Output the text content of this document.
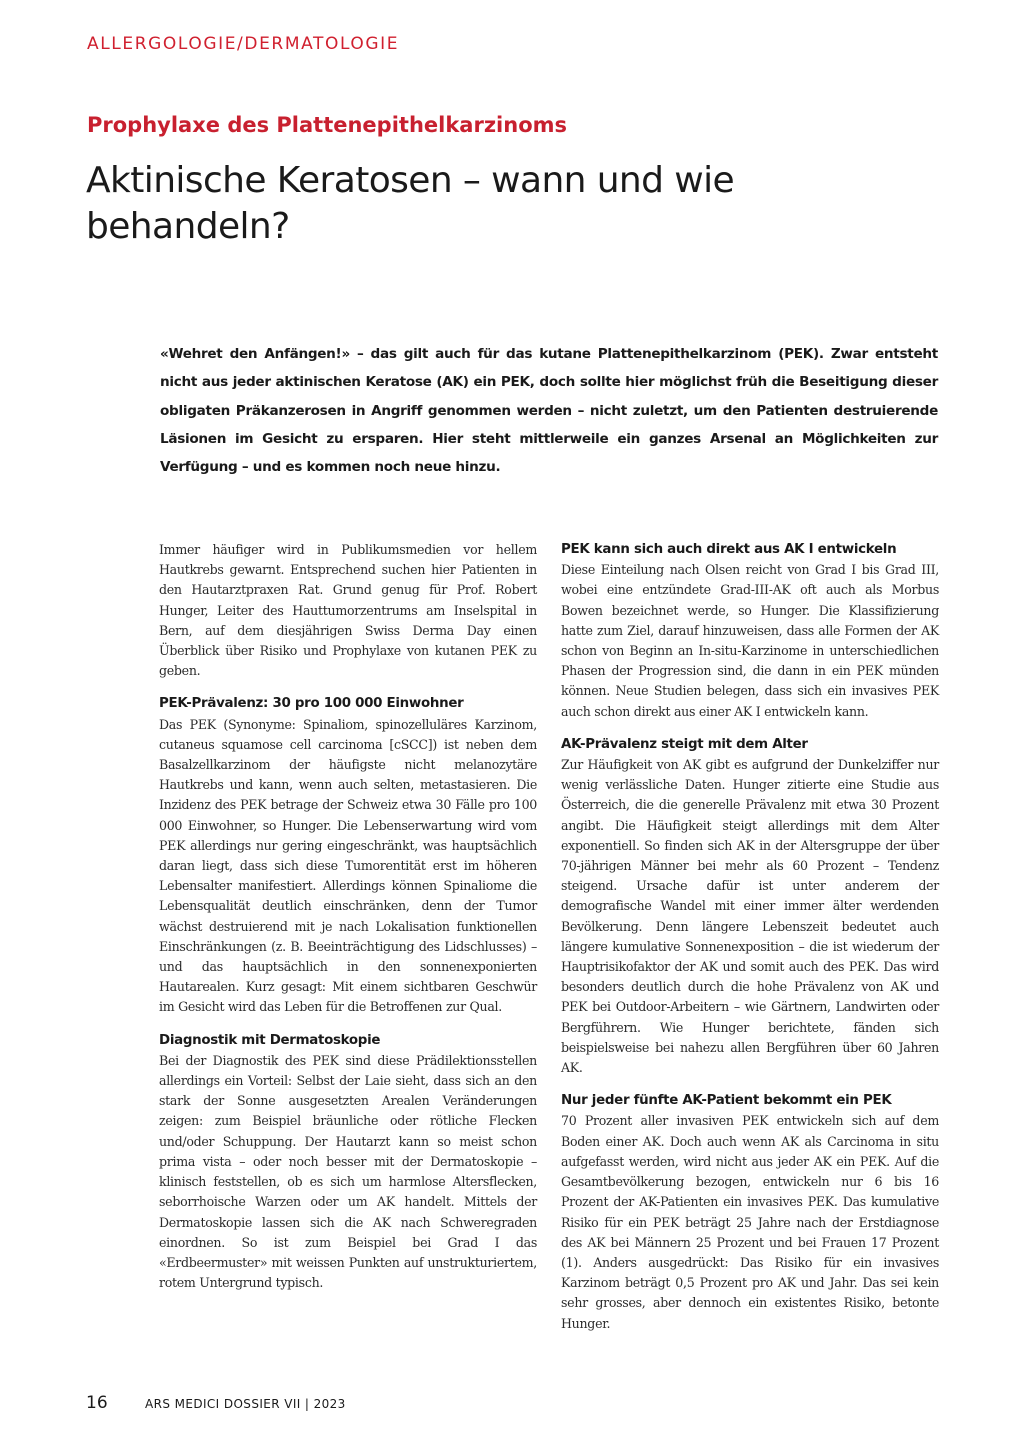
ALLERGOLOGIE/DERMATOLOGIE
Prophylaxe des Plattenepithelkarzinoms
Aktinische Keratosen – wann und wie behandeln?

«Wehret den Anfängen!» – das gilt auch für das kutane Plattenepithelkarzinom (PEK). Zwar entsteht nicht aus jeder aktinischen Keratose (AK) ein PEK, doch sollte hier möglichst früh die Beseitigung dieser obligaten Präkanzerosen in Angriff genommen werden – nicht zuletzt, um den Patienten destruierende Läsionen im Gesicht zu ersparen. Hier steht mittlerweile ein ganzes Arsenal an Möglichkeiten zur Verfügung – und es kommen noch neue hinzu.

Immer häufiger wird in Publikumsmedien vor hellem Hautkrebs gewarnt. Entsprechend suchen hier Patienten in den Hautarztpraxen Rat. Grund genug für Prof. Robert Hunger, Leiter des Hauttumorzentrums am Inselspital in Bern, auf dem diesjährigen Swiss Derma Day einen Überblick über Risiko und Prophylaxe von kutanen PEK zu geben.

PEK-Prävalenz: 30 pro 100 000 Einwohner

Das PEK (Synonyme: Spinaliom, spinozelluläres Karzinom, cutaneus squamose cell carcinoma [cSCC]) ist neben dem Basalzellkarzinom der häufigste nicht melanozytäre Hautkrebs und kann, wenn auch selten, metastasieren. Die Inzidenz des PEK betrage der Schweiz etwa 30 Fälle pro 100 000 Einwohner, so Hunger. Die Lebenserwartung wird vom PEK allerdings nur gering eingeschränkt, was hauptsächlich daran liegt, dass sich diese Tumorentität erst im höheren Lebensalter manifestiert. Allerdings können Spinaliome die Lebensqualität deutlich einschränken, denn der Tumor wächst destruierend mit je nach Lokalisation funktionellen Einschränkungen (z. B. Beeinträchtigung des Lidschlusses) – und das hauptsächlich in den sonnenexponierten Hautarealen. Kurz gesagt: Mit einem sichtbaren Geschwür im Gesicht wird das Leben für die Betroffenen zur Qual.

Diagnostik mit Dermatoskopie

Bei der Diagnostik des PEK sind diese Prädilektionsstellen allerdings ein Vorteil: Selbst der Laie sieht, dass sich an den stark der Sonne ausgesetzten Arealen Veränderungen zeigen: zum Beispiel bräunliche oder rötliche Flecken und/oder Schuppung. Der Hautarzt kann so meist schon prima vista – oder noch besser mit der Dermatoskopie – klinisch feststellen, ob es sich um harmlose Altersflecken, seborrhoische Warzen oder um AK handelt. Mittels der Dermatoskopie lassen sich die AK nach Schweregraden einordnen. So ist zum Beispiel bei Grad I das «Erdbeermuster» mit weissen Punkten auf unstrukturiertem, rotem Untergrund typisch.

PEK kann sich auch direkt aus AK I entwickeln

Diese Einteilung nach Olsen reicht von Grad I bis Grad III, wobei eine entzündete Grad-III-AK oft auch als Morbus Bowen bezeichnet werde, so Hunger. Die Klassifizierung hatte zum Ziel, darauf hinzuweisen, dass alle Formen der AK schon von Beginn an In-situ-Karzinome in unterschiedlichen Phasen der Progression sind, die dann in ein PEK münden können. Neue Studien belegen, dass sich ein invasives PEK auch schon direkt aus einer AK I entwickeln kann.

AK-Prävalenz steigt mit dem Alter

Zur Häufigkeit von AK gibt es aufgrund der Dunkelziffer nur wenig verlässliche Daten. Hunger zitierte eine Studie aus Österreich, die die generelle Prävalenz mit etwa 30 Prozent angibt. Die Häufigkeit steigt allerdings mit dem Alter exponentiell. So finden sich AK in der Altersgruppe der über 70-jährigen Männer bei mehr als 60 Prozent – Tendenz steigend. Ursache dafür ist unter anderem der demografische Wandel mit einer immer älter werdenden Bevölkerung. Denn längere Lebenszeit bedeutet auch längere kumulative Sonnenexposition – die ist wiederum der Hauptrisikofaktor der AK und somit auch des PEK. Das wird besonders deutlich durch die hohe Prävalenz von AK und PEK bei Outdoor-Arbeitern – wie Gärtnern, Landwirten oder Bergführern. Wie Hunger berichtete, fänden sich beispielsweise bei nahezu allen Bergführen über 60 Jahren AK.

Nur jeder fünfte AK-Patient bekommt ein PEK

70 Prozent aller invasiven PEK entwickeln sich auf dem Boden einer AK. Doch auch wenn AK als Carcinoma in situ aufgefasst werden, wird nicht aus jeder AK ein PEK. Auf die Gesamtbevölkerung bezogen, entwickeln nur 6 bis 16 Prozent der AK-Patienten ein invasives PEK. Das kumulative Risiko für ein PEK beträgt 25 Jahre nach der Erstdiagnose des AK bei Männern 25 Prozent und bei Frauen 17 Prozent (1). Anders ausgedrückt: Das Risiko für ein invasives Karzinom beträgt 0,5 Prozent pro AK und Jahr. Das sei kein sehr grosses, aber dennoch ein existentes Risiko, betonte Hunger.

16	ARS MEDICI DOSSIER VII | 2023
